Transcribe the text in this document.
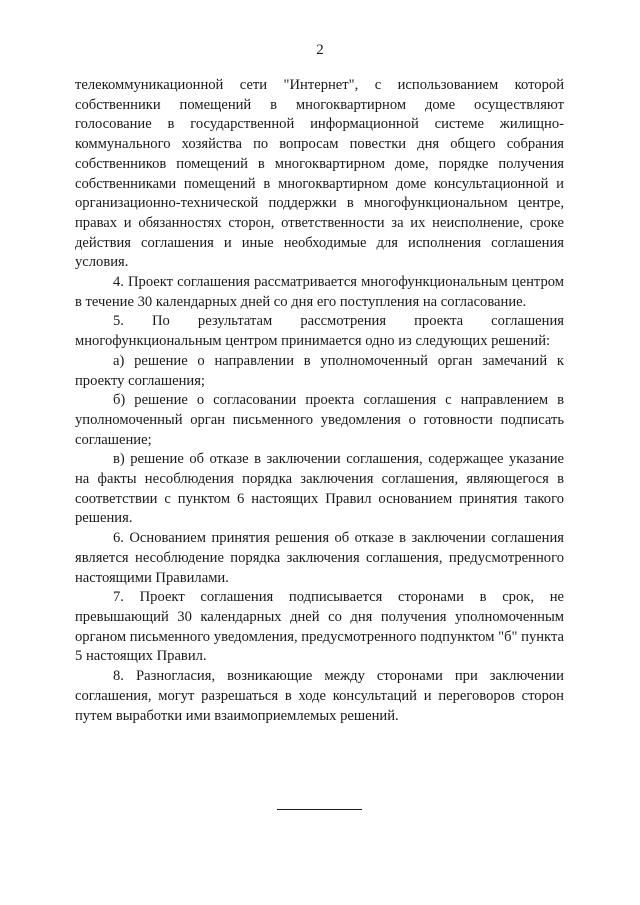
2

телекоммуникационной сети "Интернет", с использованием которой собственники помещений в многоквартирном доме осуществляют голосование в государственной информационной системе жилищно-коммунального хозяйства по вопросам повестки дня общего собрания собственников помещений в многоквартирном доме, порядке получения собственниками помещений в многоквартирном доме консультационной и организационно-технической поддержки в многофункциональном центре, правах и обязанностях сторон, ответственности за их неисполнение, сроке действия соглашения и иные необходимые для исполнения соглашения условия.

4. Проект соглашения рассматривается многофункциональным центром в течение 30 календарных дней со дня его поступления на согласование.

5. По результатам рассмотрения проекта соглашения многофункциональным центром принимается одно из следующих решений:

а) решение о направлении в уполномоченный орган замечаний к проекту соглашения;

б) решение о согласовании проекта соглашения с направлением в уполномоченный орган письменного уведомления о готовности подписать соглашение;

в) решение об отказе в заключении соглашения, содержащее указание на факты несоблюдения порядка заключения соглашения, являющегося в соответствии с пунктом 6 настоящих Правил основанием принятия такого решения.

6. Основанием принятия решения об отказе в заключении соглашения является несоблюдение порядка заключения соглашения, предусмотренного настоящими Правилами.

7. Проект соглашения подписывается сторонами в срок, не превышающий 30 календарных дней со дня получения уполномоченным органом письменного уведомления, предусмотренного подпунктом "б" пункта 5 настоящих Правил.

8. Разногласия, возникающие между сторонами при заключении соглашения, могут разрешаться в ходе консультаций и переговоров сторон путем выработки ими взаимоприемлемых решений.
